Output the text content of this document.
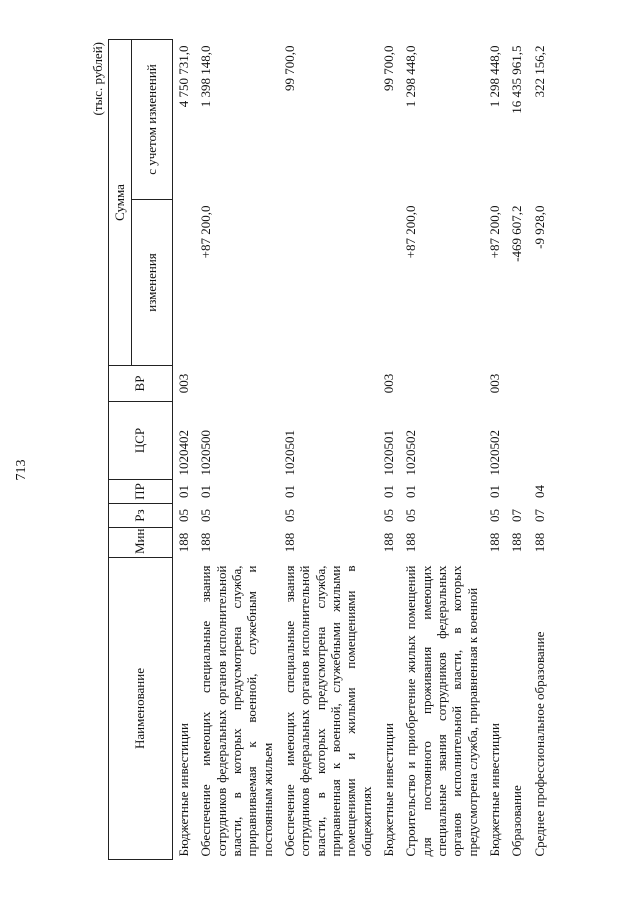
713
(тыс. рублей)
Наименование	Мин	Рз	ПР	ЦСР	ВР	Сумма	
						изменения	с учетом изменений
Бюджетные инвестиции	188	05	01	1020402	003		4 750 731,0
Обеспечение имеющих специальные звания сотрудников федеральных органов исполнительной власти, в которых предусмотрена служба, приравниваемая к военной, служебным и постоянным жильем	188	05	01	1020500		+87 200,0	1 398 148,0
Обеспечение имеющих специальные звания сотрудников федеральных органов исполнительной власти, в которых предусмотрена служба, приравненная к военной, служебными жилыми помещениями и жилыми помещениями в общежитиях	188	05	01	1020501			99 700,0
Бюджетные инвестиции	188	05	01	1020501	003		99 700,0
Строительство и приобретение жилых помещений для постоянного проживания имеющих специальные звания сотрудников федеральных органов исполнительной власти, в которых предусмотрена служба, приравненная к военной	188	05	01	1020502		+87 200,0	1 298 448,0
Бюджетные инвестиции	188	05	01	1020502	003	+87 200,0	1 298 448,0
Образование	188	07				-469 607,2	16 435 961,5
Среднее профессиональное образование	188	07	04			-9 928,0	322 156,2
